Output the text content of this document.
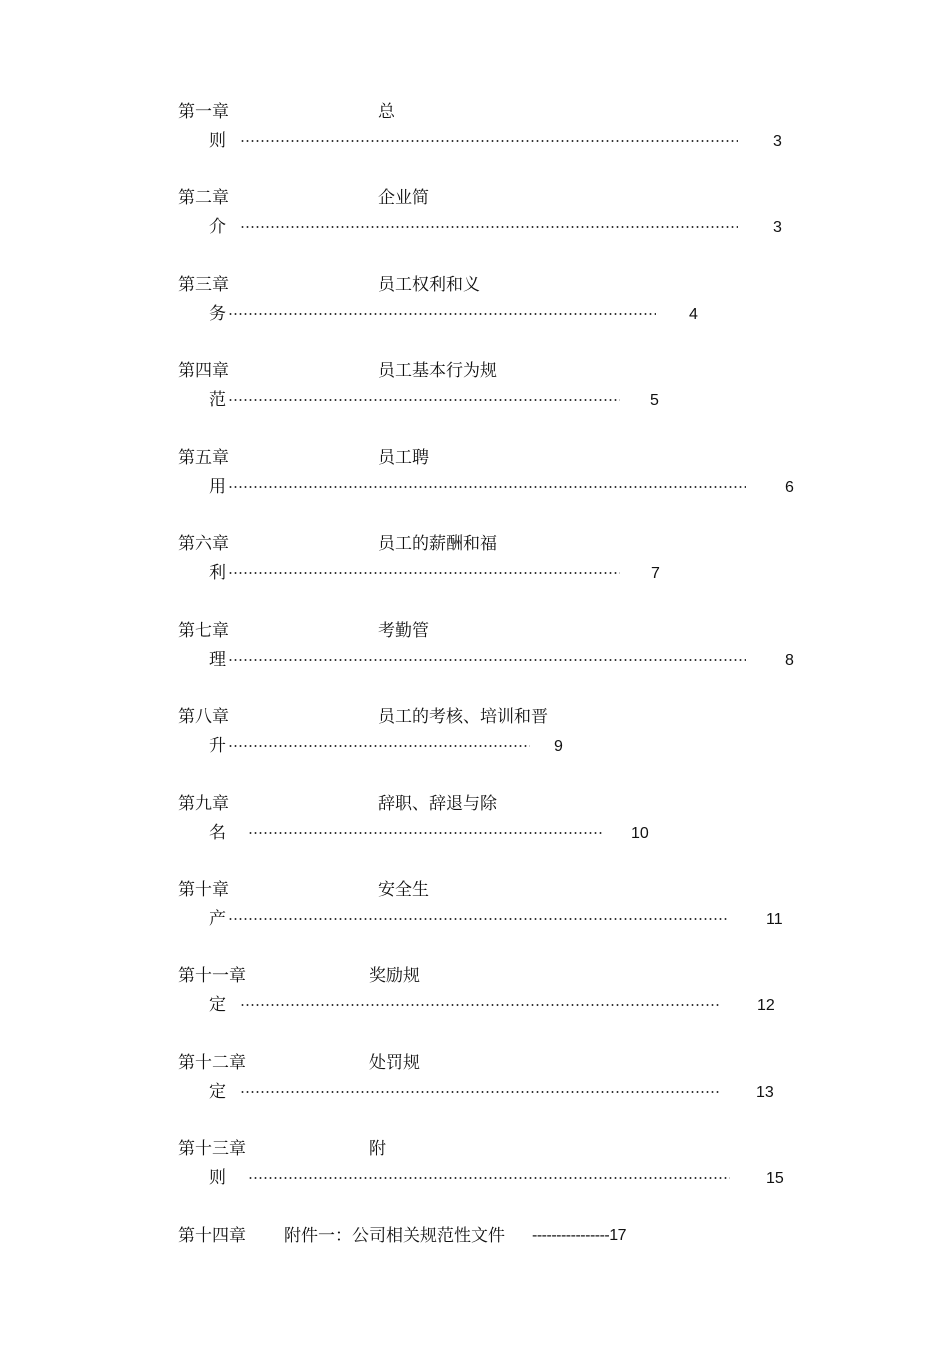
第一章	总
则	3
第二章	企业简
介	3
第三章	员工权利和义
务	4
第四章	员工基本行为规
范	5
第五章	员工聘
用	6
第六章	员工的薪酬和福
利	7
第七章	考勤管
理	8
第八章	员工的考核、培训和晋
升	9
第九章	辞职、辞退与除
名	10
第十章	安全生
产	11
第十一章	奖励规
定	12
第十二章	处罚规
定	13
第十三章	附
则	15
第十四章 附件一：公司相关规范性文件 ----------------17
